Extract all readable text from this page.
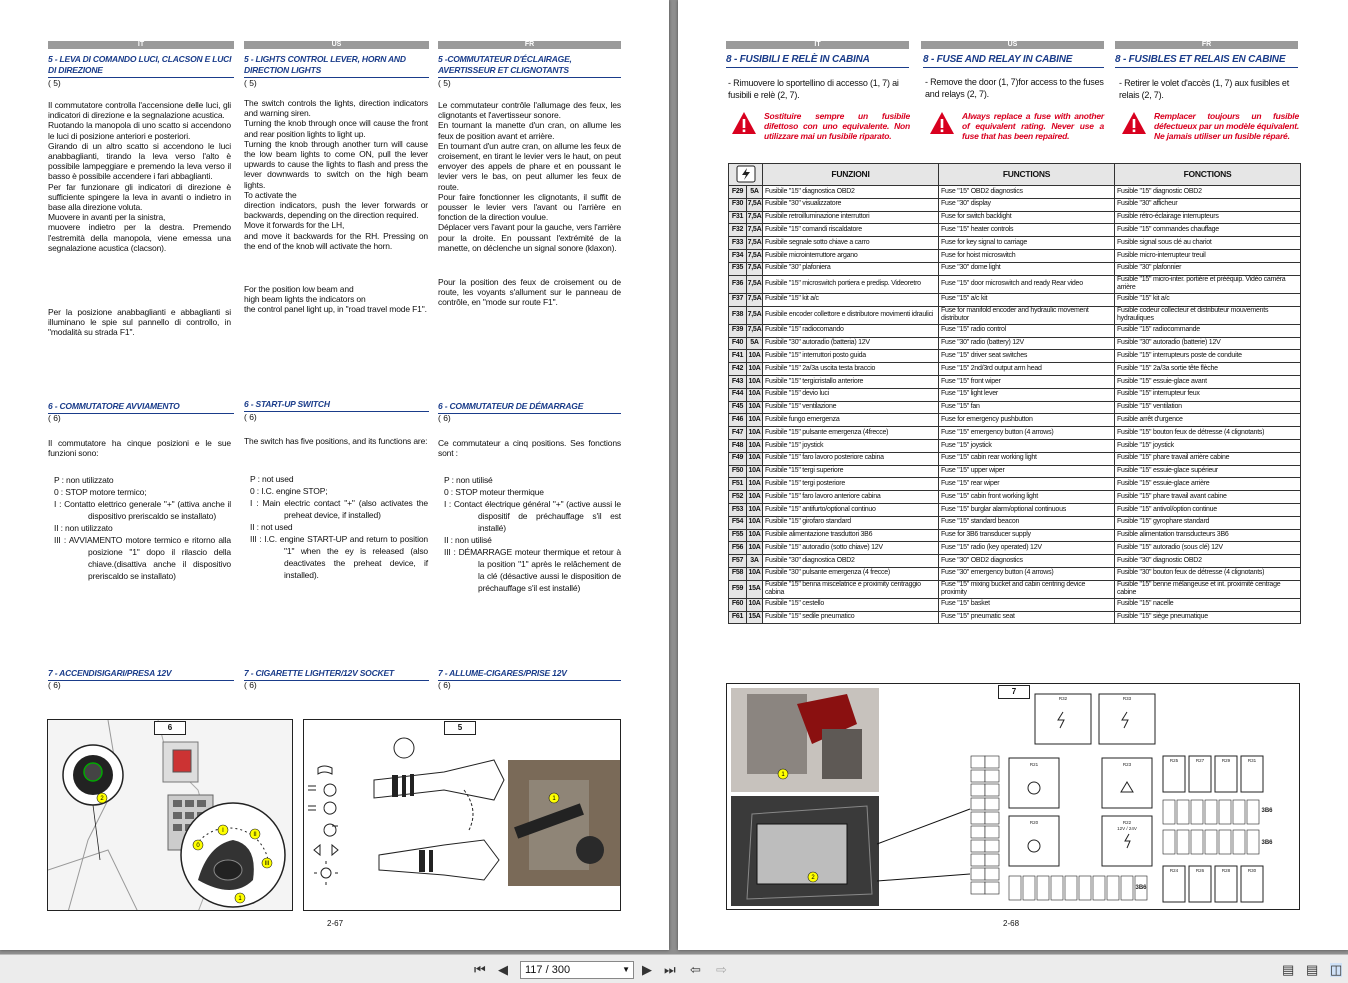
IT	US	FR
5 - LEVA DI COMANDO LUCI, CLACSON E LUCI DI DIREZIONE
5 - LIGHTS CONTROL LEVER, HORN AND DIRECTION LIGHTS
5 -COMMUTATEUR D'ÉCLAIRAGE, AVERTISSEUR ET CLIGNOTANTS
( 5)	( 5)	( 5)
Il commutatore controlla l'accensione delle luci, gli indicatori di direzione e la segnalazione acustica.
Ruotando la manopola di uno scatto si accendono le luci di posizione anteriori e posteriori.
Girando di un altro scatto si accendono le luci anabbaglianti, tirando la leva verso l'alto è possibile lampeggiare e premendo la leva verso il basso è possibile accendere i fari abbaglianti.
Per far funzionare gli indicatori di direzione è sufficiente spingere la leva in avanti o indietro in base alla direzione voluta.
Muovere in avanti per la sinistra,
muovere indietro per la destra. Premendo l'estremità della manopola, viene emessa una segnalazione acustica (clacson).
Per la posizione anabbaglianti e abbaglianti si illuminano le spie sul pannello di controllo, in "modalità su strada F1".
The switch controls the lights, direction indicators and warning siren.
Turning the knob through once will cause the front and rear position lights to light up.
Turning the knob through another turn will cause the low beam lights to come ON, pull the lever upwards to cause the lights to flash and press the lever downwards to switch on the high beam lights.
To activate the
direction indicators, push the lever forwards or backwards, depending on the direction required.
Move it forwards for the LH,
and move it backwards for the RH. Pressing on the end of the knob will activate the horn.
For the position low beam and
high beam lights the indicators on
the control panel light up, in "road travel mode F1".
Le commutateur contrôle l'allumage des feux, les clignotants et l'avertisseur sonore.
En tournant la manette d'un cran, on allume les feux de position avant et arrière.
En tournant d'un autre cran, on allume les feux de croisement, en tirant le levier vers le haut, on peut envoyer des appels de phare et en poussant le levier vers le bas, on peut allumer les feux de route.
Pour faire fonctionner les clignotants, il suffit de pousser le levier vers l'avant ou l'arrière en fonction de la direction voulue.
Déplacer vers l'avant pour la gauche, vers l'arrière pour la droite. En poussant l'extrémité de la manette, on déclenche un signal sonore (klaxon).
Pour la position des feux de croisement ou de route, les voyants s'allument sur le panneau de contrôle, en "mode sur route F1".
6 - COMMUTATORE AVVIAMENTO	6 - START-UP SWITCH	6 - COMMUTATEUR DE DÉMARRAGE
( 6)	( 6)	( 6)
Il commutatore ha cinque posizioni e le sue funzioni sono:
P : non utilizzato
0 : STOP motore termico;
I : Contatto elettrico generale "+" (attiva anche il dispositivo preriscaldo se installato)
II : non utilizzato
III : AVVIAMENTO motore termico e ritorno alla posizione "1" dopo il rilascio della chiave.(disattiva anche il dispositivo preriscaldo se installato)
The switch has five positions, and its functions are:
P : not used
0 : I.C. engine STOP;
I : Main electric contact "+" (also activates the preheat device, if installed)
II : not used
III : I.C. engine START-UP and return to position "1" when the ey is released (also deactivates the preheat device, if installed).
Ce commutateur a cinq positions. Ses fonctions sont :
P : non utilisé
0 : STOP moteur thermique
I : Contact électrique général "+" (active aussi le dispositif de préchauffage s'il est installé)
II : non utilisé
III : DÉMARRAGE moteur thermique et retour à la position "1" après le relâchement de la clé (désactive aussi le disposition de préchauffage s'il est installé)
7 - ACCENDISIGARI/PRESA 12V	7 - CIGARETTE LIGHTER/12V SOCKET	7 - ALLUME-CIGARES/PRISE 12V
( 6)	( 6)	( 6)
I
II
III
0
1
2
6
1
5
2-67
IT	US	FR
8 - FUSIBILI E RELÈ IN CABINA	8 - FUSE AND RELAY IN CABINE	8 - FUSIBLES ET RELAIS EN CABINE
- Rimuovere lo sportellino di accesso (1, 7) ai fusibili e relè (2, 7).
- Remove the door (1, 7)for access to the fuses and relays (2, 7).
- Retirer le volet d'accès (1, 7) aux fusibles et relais (2, 7).
Sostituire sempre un fusibile difettoso con uno equivalente. Non utilizzare mai un fusibile riparato.
Always replace a fuse with another of equivalent rating. Never use a fuse that has been repaired.
Remplacer toujours un fusible défectueux par un modèle équivalent. Ne jamais utiliser un fusible réparé.
	FUNZIONI	FUNCTIONS	FONCTIONS
F29	5A	Fusibile "15" diagnostica OBD2	Fuse "15" OBD2 diagnostics	Fusible "15" diagnostic OBD2
F30	7,5A	Fusibile "30" visualizzatore	Fuse "30" display	Fusible "30" afficheur
F31	7,5A	Fusibile retroilluminazione interruttori	Fuse for switch backlight	Fusible rétro-éclairage interrupteurs
F32	7,5A	Fusibile "15" comandi riscaldatore	Fuse "15" heater controls	Fusible "15" commandes chauffage
F33	7,5A	Fusibile segnale sotto chiave a carro	Fuse for key signal to carriage	Fusible signal sous clé au chariot
F34	7,5A	Fusibile microinterruttore argano	Fuse for hoist microswitch	Fusible micro-interrupteur treuil
F35	7,5A	Fusibile "30" plafoniera	Fuse "30" dome light	Fusible "30" plafonnier
F36	7,5A	Fusibile "15" microswitch portiera e predisp. Videoretro	Fuse "15" door microswitch and ready Rear video	Fusible "15" micro-inter. portière et prééquip. Vidéo caméra arrière
F37	7,5A	Fusibile "15" kit a/c	Fuse "15" a/c kit	Fusible "15" kit a/c
F38	7,5A	Fusibile encoder collettore e distributore movimenti idraulici	Fuse for manifold encoder and hydraulic movement distributor	Fusible codeur collecteur et distributeur mouvements hydrauliques
F39	7,5A	Fusibile "15" radiocomando	Fuse "15" radio control	Fusible "15" radiocommande
F40	5A	Fusibile "30" autoradio (batteria) 12V	Fuse "30" radio (battery) 12V	Fusible "30" autoradio (batterie) 12V
F41	10A	Fusibile "15" interruttori posto guida	Fuse "15" driver seat switches	Fusible "15" interrupteurs poste de conduite
F42	10A	Fusibile "15" 2a/3a uscita testa braccio	Fuse "15" 2nd/3rd output arm head	Fusible "15" 2a/3a sortie tête flèche
F43	10A	Fusibile "15" tergicristallo anteriore	Fuse "15" front wiper	Fusible "15" essuie-glace avant
F44	10A	Fusibile "15" devio luci	Fuse "15" light lever	Fusible "15" interrupteur feux
F45	10A	Fusibile "15" ventilazione	Fuse "15" fan	Fusible "15" ventilation
F46	10A	Fusibile fungo emergenza	Fuse for emergency pushbutton	Fusible arrêt d'urgence
F47	10A	Fusibile "15" pulsante emergenza (4frecce)	Fuse "15" emergency button (4 arrows)	Fusible "15" bouton feux de détresse (4 clignotants)
F48	10A	Fusibile "15" joystick	Fuse "15" joystick	Fusible "15" joystick
F49	10A	Fusibile "15" faro lavoro posteriore cabina	Fuse "15" cabin rear working light	Fusible "15" phare travail arrière cabine
F50	10A	Fusibile "15" tergi superiore	Fuse "15" upper wiper	Fusible "15" essuie-glace supérieur
F51	10A	Fusibile "15" tergi posteriore	Fuse "15" rear wiper	Fusible "15" essuie-glace arrière
F52	10A	Fusibile "15" faro lavoro anteriore cabina	Fuse "15" cabin front working light	Fusible "15" phare travail avant cabine
F53	10A	Fusibile "15" antifurto/optional continuo	Fuse "15" burglar alarm/optional continuous	Fusible "15" antivol/option continue
F54	10A	Fusibile "15" girofaro standard	Fuse "15" standard beacon	Fusible "15" gyrophare standard
F55	10A	Fusibile alimentazione trasduttori 3B6	Fuse for 3B6 transducer supply	Fusible alimentation transducteurs 3B6
F56	10A	Fusibile "15" autoradio (sotto chiave) 12V	Fuse "15" radio (key operated) 12V	Fusible "15" autoradio (sous clé) 12V
F57	3A	Fusibile "30" diagnostica OBD2	Fuse "30" OBD2 diagnostics	Fusible "30" diagnostic OBD2
F58	10A	Fusibile "30" pulsante emergenza (4 frecce)	Fuse "30" emergency button (4 arrows)	Fusible "30" bouton feux de détresse (4 clignotants)
F59	15A	Fusibile "15" benna miscelatrice e proximity centraggio cabina	Fuse "15" mixing bucket and cabin centring device proximity	Fusible "15" benne mélangeuse et int. proximité centrage cabine
F60	10A	Fusibile "15" cestello	Fuse "15" basket	Fusible "15" nacelle
F61	15A	Fusibile "15" sedile pneumatico	Fuse "15" pneumatic seat	Fusible "15" siège pneumatique
1
2
R32	R33
R21	R23
R20	R22
R25	R27	R29	R31
R24	R26	R28	R30
12V / 24V
3B6
3B6
3B6
7
2-68
⏮ ◀	117 / 300	▼ ▶ ⏭ ⇦ ⇨	▤ ▤ ◫
